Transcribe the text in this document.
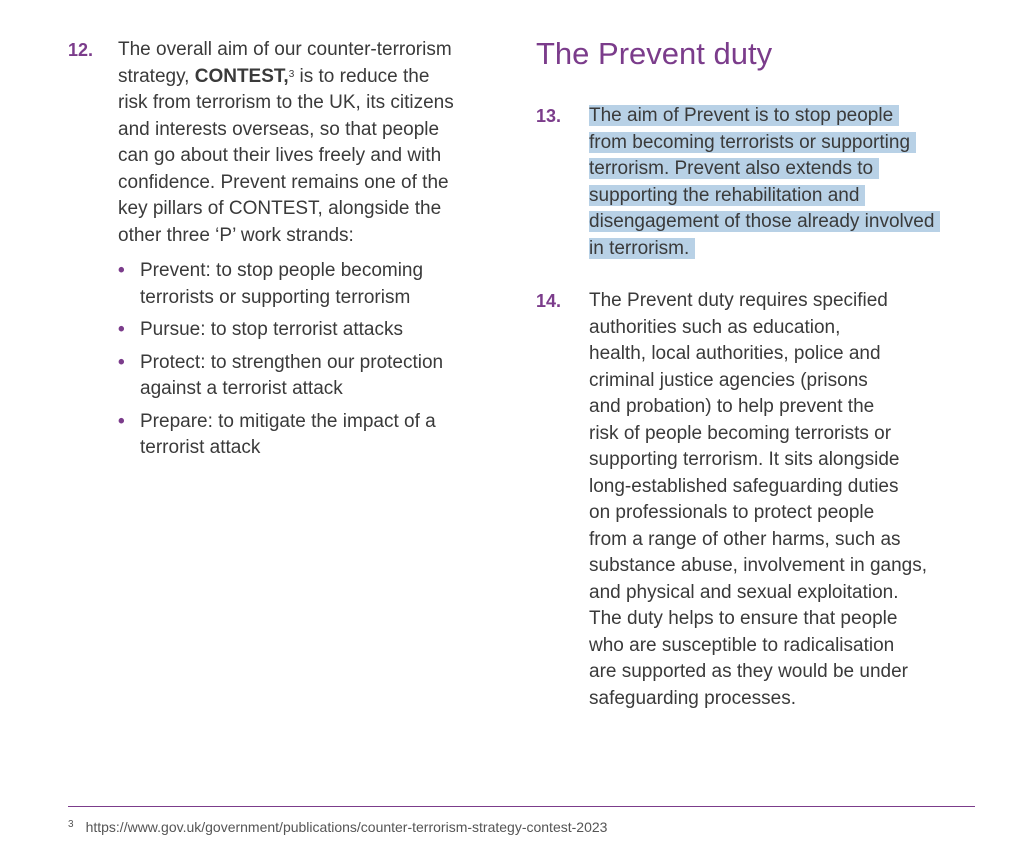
12. The overall aim of our counter-terrorism
strategy, CONTEST,$^3$ is to reduce the
risk from terrorism to the UK, its citizens
and interests overseas, so that people
can go about their lives freely and with
confidence. Prevent remains one of the
key pillars of CONTEST, alongside the
other three ‘P’ work strands:
• Prevent: to stop people becoming
terrorists or supporting terrorism
• Pursue: to stop terrorist attacks
• Protect: to strengthen our protection
against a terrorist attack
• Prepare: to mitigate the impact of a
terrorist attack
The Prevent duty
13. The aim of Prevent is to stop people
from becoming terrorists or supporting
terrorism. Prevent also extends to
supporting the rehabilitation and
disengagement of those already involved
in terrorism.
14. The Prevent duty requires specified
authorities such as education,
health, local authorities, police and
criminal justice agencies (prisons
and probation) to help prevent the
risk of people becoming terrorists or
supporting terrorism. It sits alongside
long-established safeguarding duties
on professionals to protect people
from a range of other harms, such as
substance abuse, involvement in gangs,
and physical and sexual exploitation.
The duty helps to ensure that people
who are susceptible to radicalisation
are supported as they would be under
safeguarding processes.
$^3$ https://www.gov.uk/government/publications/counter-terrorism-strategy-contest-2023
